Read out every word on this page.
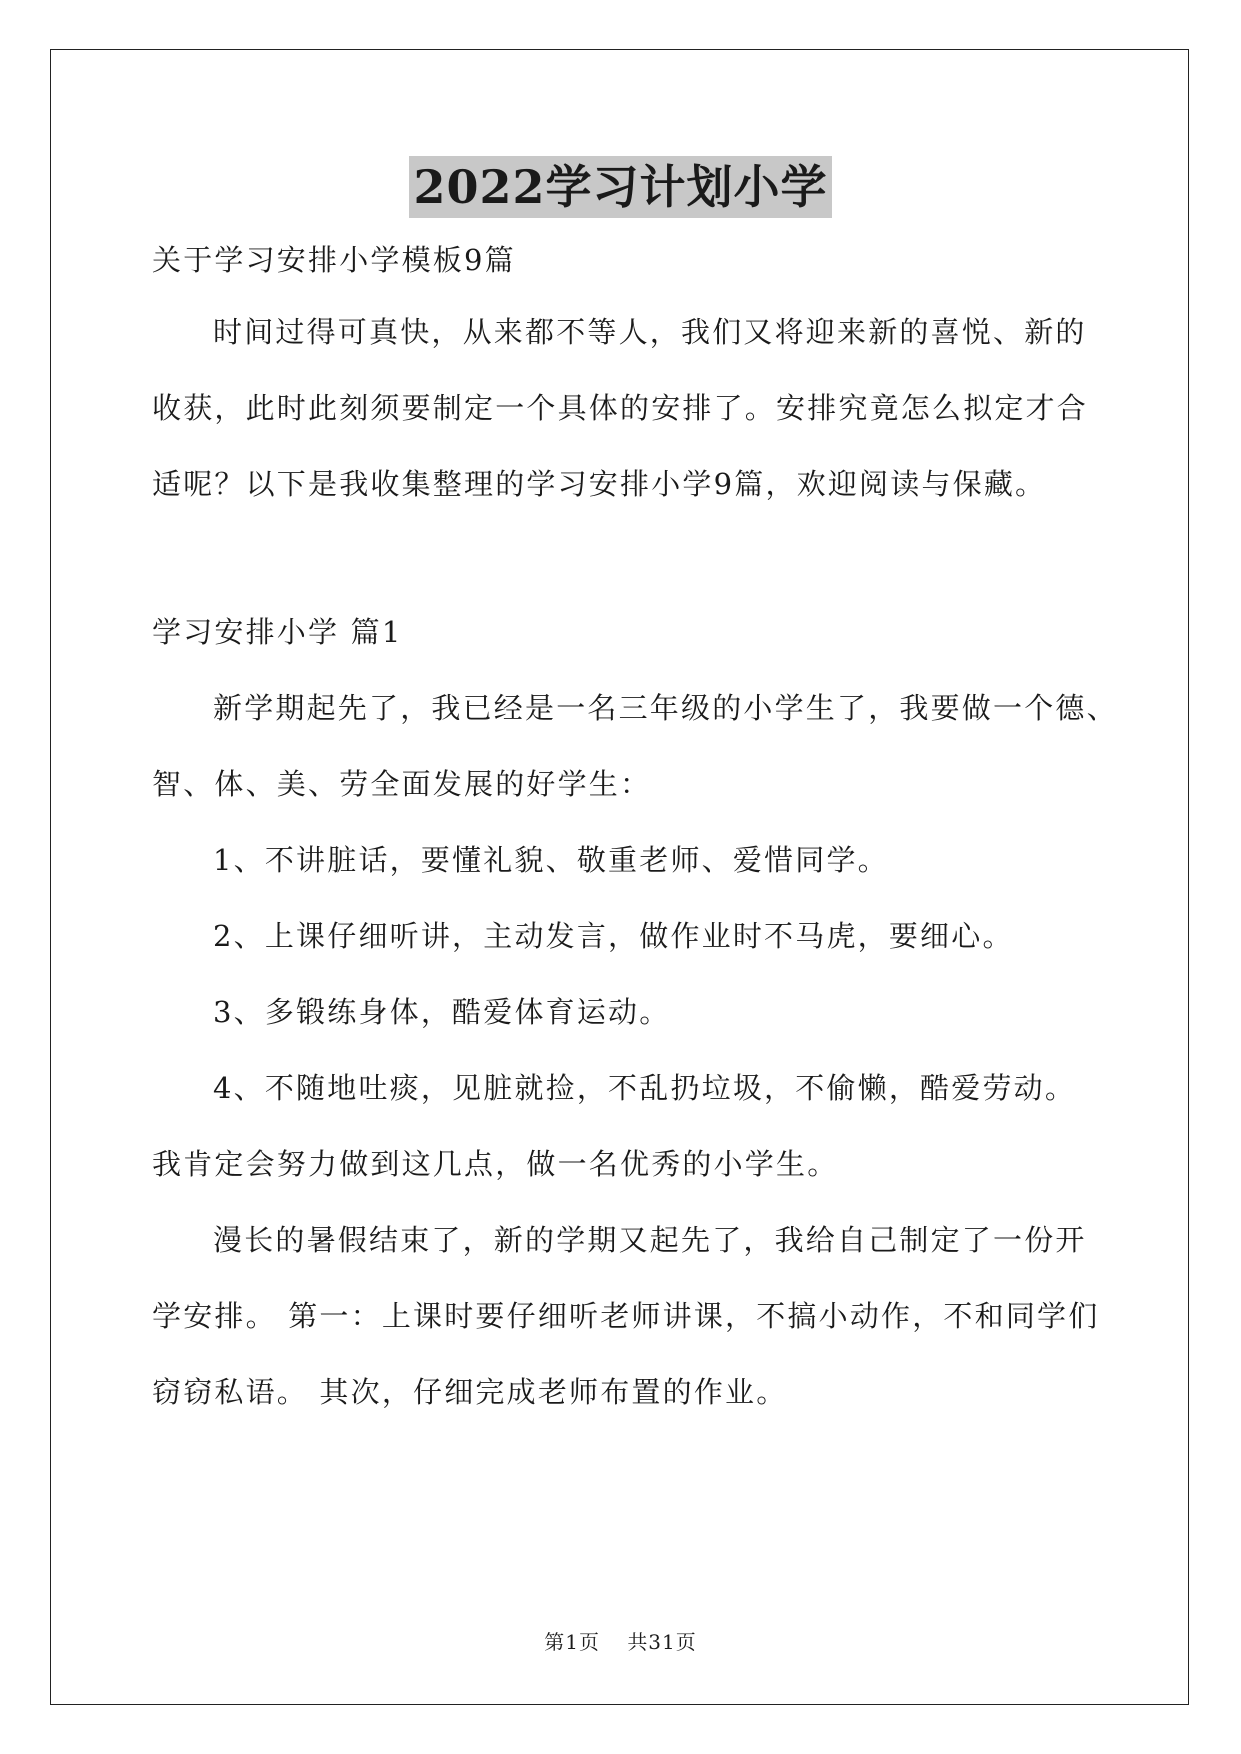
2022学习计划小学
关于学习安排小学模板9篇
时间过得可真快，从来都不等人，我们又将迎来新的喜悦、新的
收获，此时此刻须要制定一个具体的安排了。安排究竟怎么拟定才合
适呢？以下是我收集整理的学习安排小学9篇，欢迎阅读与保藏。
学习安排小学 篇1
新学期起先了，我已经是一名三年级的小学生了，我要做一个德、
智、体、美、劳全面发展的好学生：
1、不讲脏话，要懂礼貌、敬重老师、爱惜同学。
2、上课仔细听讲，主动发言，做作业时不马虎，要细心。
3、多锻练身体，酷爱体育运动。
4、不随地吐痰，见脏就捡，不乱扔垃圾，不偷懒，酷爱劳动。
我肯定会努力做到这几点，做一名优秀的小学生。
漫长的暑假结束了，新的学期又起先了，我给自己制定了一份开
学安排。 第一：上课时要仔细听老师讲课，不搞小动作，不和同学们
窃窃私语。 其次，仔细完成老师布置的作业。
第1页 共31页
